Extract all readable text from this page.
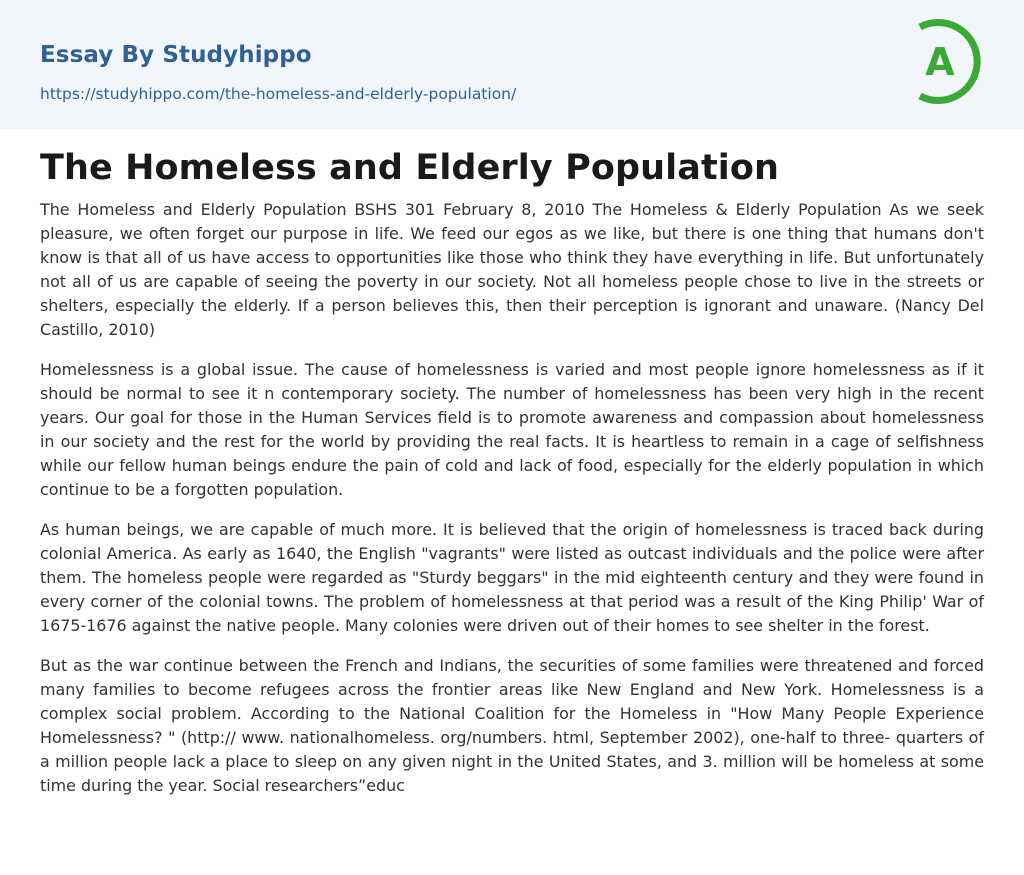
Essay By Studyhippo
https://studyhippo.com/the-homeless-and-elderly-population/
A
The Homeless and Elderly Population

The Homeless and Elderly Population BSHS 301 February 8, 2010 The Homeless & Elderly Population As we seek pleasure, we often forget our purpose in life. We feed our egos as we like, but there is one thing that humans don't know is that all of us have access to opportunities like those who think they have everything in life. But unfortunately not all of us are capable of seeing the poverty in our society. Not all homeless people chose to live in the streets or shelters, especially the elderly. If a person believes this, then their perception is ignorant and unaware. (Nancy Del Castillo, 2010)

Homelessness is a global issue. The cause of homelessness is varied and most people ignore homelessness as if it should be normal to see it n contemporary society. The number of homelessness has been very high in the recent years. Our goal for those in the Human Services field is to promote awareness and compassion about homelessness in our society and the rest for the world by providing the real facts. It is heartless to remain in a cage of selfishness while our fellow human beings endure the pain of cold and lack of food, especially for the elderly population in which continue to be a forgotten population.

As human beings, we are capable of much more. It is believed that the origin of homelessness is traced back during colonial America. As early as 1640, the English "vagrants" were listed as outcast individuals and the police were after them. The homeless people were regarded as "Sturdy beggars" in the mid eighteenth century and they were found in every corner of the colonial towns. The problem of homelessness at that period was a result of the King Philip' War of 1675-1676 against the native people. Many colonies were driven out of their homes to see shelter in the forest.

But as the war continue between the French and Indians, the securities of some families were threatened and forced many families to become refugees across the frontier areas like New England and New York. Homelessness is a complex social problem. According to the National Coalition for the Homeless in "How Many People Experience Homelessness? " (http:// www. nationalhomeless. org/numbers. html, September 2002), one-half to three- quarters of a million people lack a place to sleep on any given night in the United States, and 3. million will be homeless at some time during the year. Social researchers”educ
